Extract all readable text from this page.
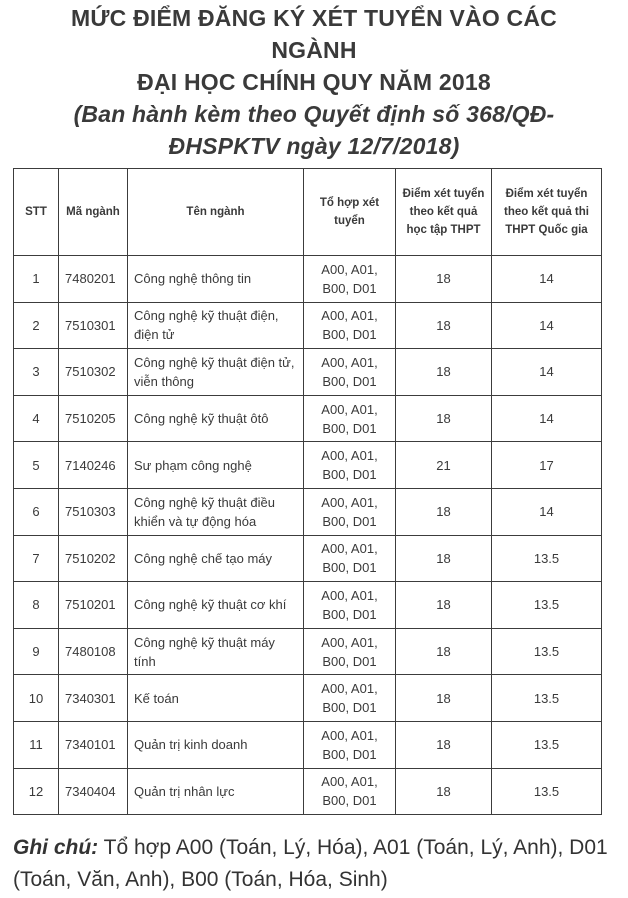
MỨC ĐIỂM ĐĂNG KÝ XÉT TUYỂN VÀO CÁC
NGÀNH
ĐẠI HỌC CHÍNH QUY NĂM 2018
(Ban hành kèm theo Quyết định số 368/QĐ-
ĐHSPKTV ngày 12/7/2018)
STT	Mã ngành	Tên ngành	Tổ hợp xét tuyển	Điểm xét tuyển theo kết quả học tập THPT	Điểm xét tuyển theo kết quả thi THPT Quốc gia
1	7480201	Công nghệ thông tin	A00, A01, B00, D01	18	14
2	7510301	Công nghệ kỹ thuật điện, điện tử	A00, A01, B00, D01	18	14
3	7510302	Công nghệ kỹ thuật điện tử, viễn thông	A00, A01, B00, D01	18	14
4	7510205	Công nghệ kỹ thuật ôtô	A00, A01, B00, D01	18	14
5	7140246	Sư phạm công nghệ	A00, A01, B00, D01	21	17
6	7510303	Công nghệ kỹ thuật điều khiển và tự động hóa	A00, A01, B00, D01	18	14
7	7510202	Công nghệ chế tạo máy	A00, A01, B00, D01	18	13.5
8	7510201	Công nghệ kỹ thuật cơ khí	A00, A01, B00, D01	18	13.5
9	7480108	Công nghệ kỹ thuật máy tính	A00, A01, B00, D01	18	13.5
10	7340301	Kế toán	A00, A01, B00, D01	18	13.5
11	7340101	Quản trị kinh doanh	A00, A01, B00, D01	18	13.5
12	7340404	Quản trị nhân lực	A00, A01, B00, D01	18	13.5
Ghi chú: Tổ hợp A00 (Toán, Lý, Hóa), A01 (Toán, Lý, Anh), D01 (Toán, Văn, Anh), B00 (Toán, Hóa, Sinh)
